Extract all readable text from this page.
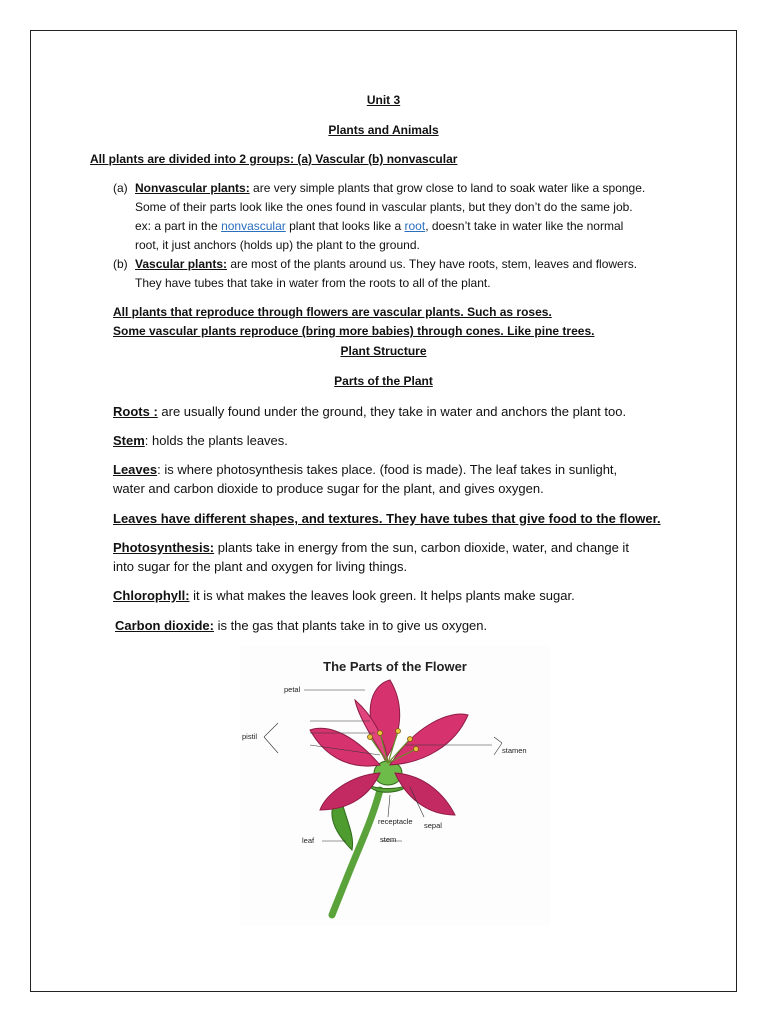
Unit 3
Plants and Animals
All plants are divided into 2 groups: (a) Vascular (b) nonvascular
(a) Nonvascular plants: are very simple plants that grow close to land to soak water like a sponge.
Some of their parts look like the ones found in vascular plants, but they don’t do the same job.
ex: a part in the nonvascular plant that looks like a root, doesn’t take in water like the normal
root, it just anchors (holds up) the plant to the ground.
(b) Vascular plants: are most of the plants around us. They have roots, stem, leaves and flowers.
They have tubes that take in water from the roots to all of the plant.
All plants that reproduce through flowers are vascular plants. Such as roses.
Some vascular plants reproduce (bring more babies) through cones. Like pine trees.
Plant Structure
Parts of the Plant
Roots : are usually found under the ground, they take in water and anchors the plant too.
Stem: holds the plants leaves.
Leaves: is where photosynthesis takes place. (food is made). The leaf takes in sunlight,
water and carbon dioxide to produce sugar for the plant, and gives oxygen.
Leaves have different shapes, and textures. They have tubes that give food to the flower.
Photosynthesis: plants take in energy from the sun, carbon dioxide, water, and change it
into sugar for the plant and oxygen for living things.
Chlorophyll: it is what makes the leaves look green. It helps plants make sugar.
Carbon dioxide: is the gas that plants take in to give us oxygen.
The Parts of the Flower
petal
pistil
stamen
receptacle sepal
leaf	stem
